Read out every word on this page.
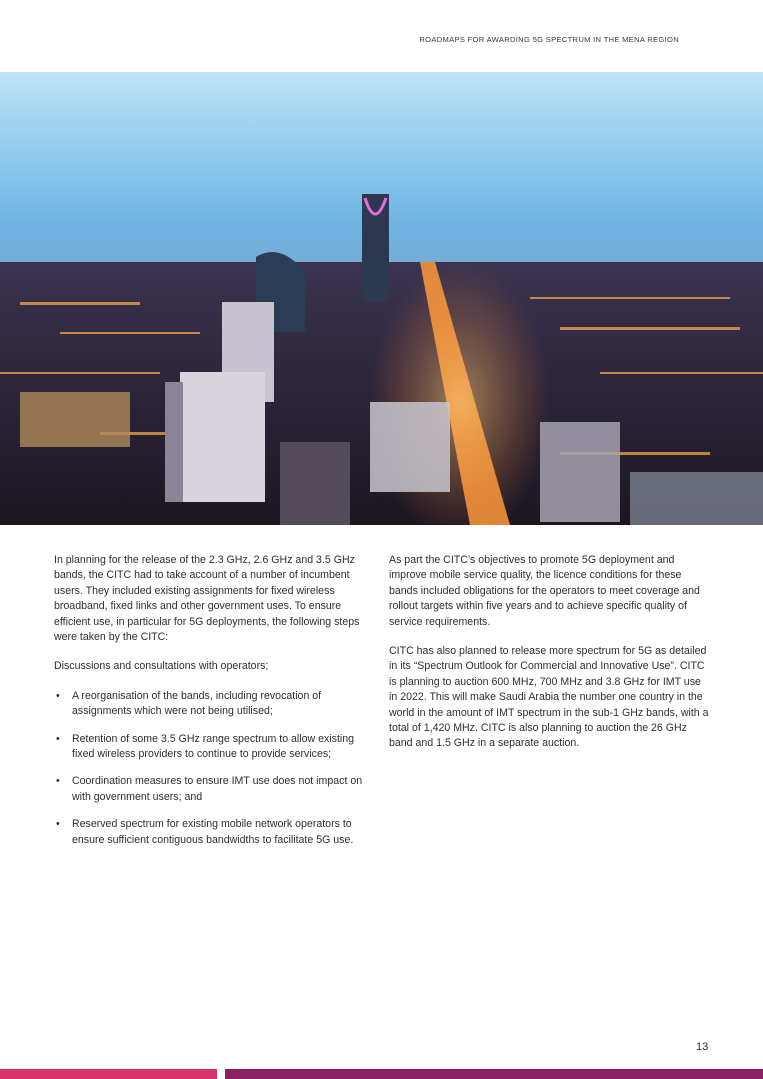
ROADMAPS FOR AWARDING 5G SPECTRUM IN THE MENA REGION

In planning for the release of the 2.3 GHz, 2.6 GHz and 3.5 GHz bands, the CITC had to take account of a number of incumbent users. They included existing assignments for fixed wireless broadband, fixed links and other government uses. To ensure efficient use, in particular for 5G deployments, the following steps were taken by the CITC:

Discussions and consultations with operators;

• A reorganisation of the bands, including revocation of assignments which were not being utilised;
• Retention of some 3.5 GHz range spectrum to allow existing fixed wireless providers to continue to provide services;
• Coordination measures to ensure IMT use does not impact on with government users; and
• Reserved spectrum for existing mobile network operators to ensure sufficient contiguous bandwidths to facilitate 5G use.

As part the CITC’s objectives to promote 5G deployment and improve mobile service quality, the licence conditions for these bands included obligations for the operators to meet coverage and rollout targets within five years and to achieve specific quality of service requirements.

CITC has also planned to release more spectrum for 5G as detailed in its “Spectrum Outlook for Commercial and Innovative Use”. CITC is planning to auction 600 MHz, 700 MHz and 3.8 GHz for IMT use in 2022. This will make Saudi Arabia the number one country in the world in the amount of IMT spectrum in the sub-1 GHz bands, with a total of 1,420 MHz. CITC is also planning to auction the 26 GHz band and 1.5 GHz in a separate auction.

13
